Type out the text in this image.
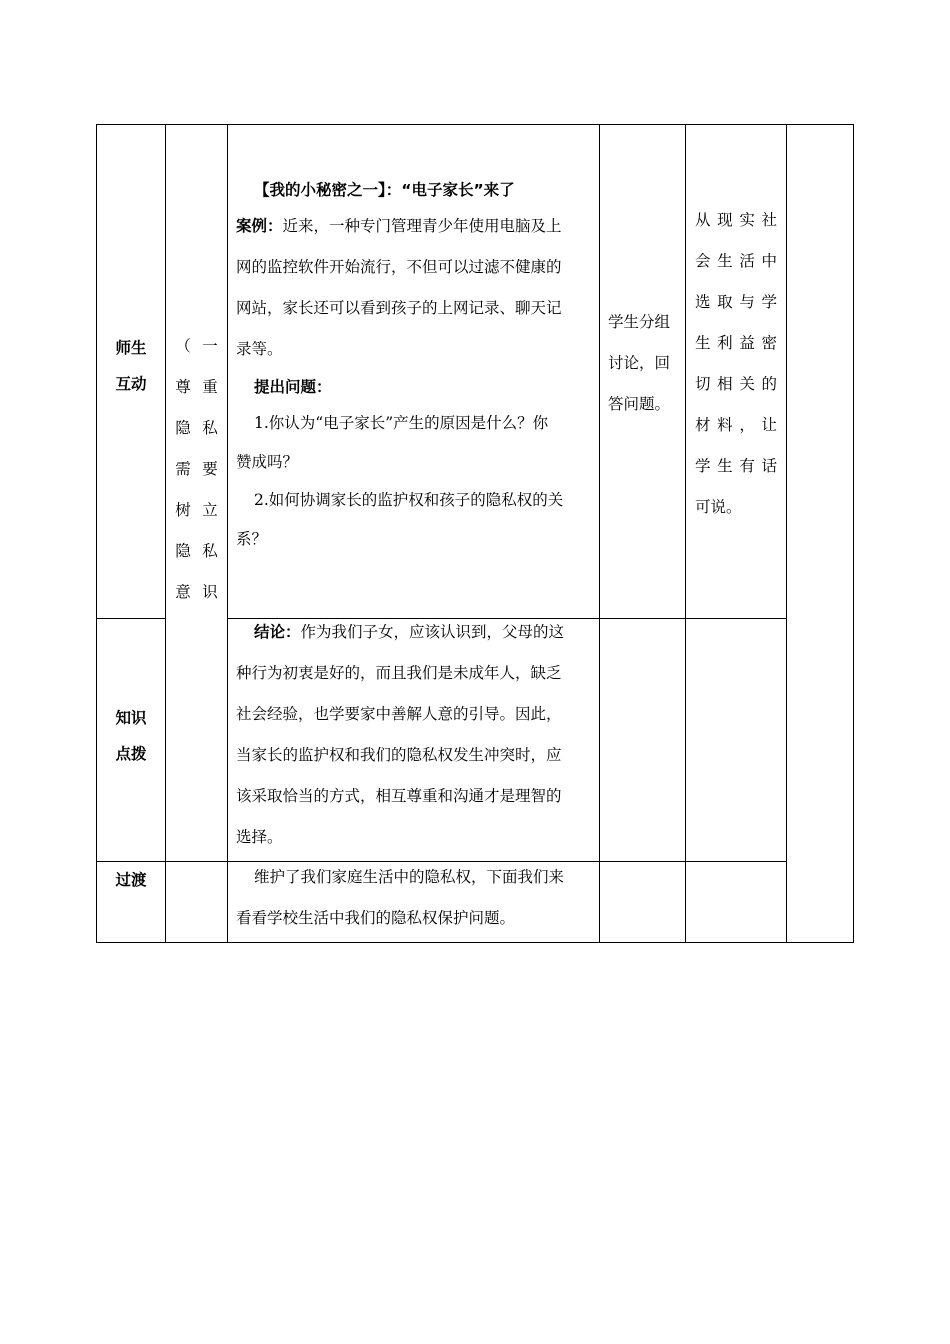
师生
互动
知识
点拨
过渡
（
尊
隐
需
树
隐
意
一
重
私
要
立
私
识
【我的小秘密之一】：“电子家长”来了
案例：近来，一种专门管理青少年使用电脑及上
网的监控软件开始流行，不但可以过滤不健康的
网站，家长还可以看到孩子的上网记录、聊天记
录等。
提出问题：
1.你认为“电子家长”产生的原因是什么？你
赞成吗？
2.如何协调家长的监护权和孩子的隐私权的关
系？
结论：作为我们子女，应该认识到，父母的这
种行为初衷是好的，而且我们是未成年人，缺乏
社会经验，也学要家中善解人意的引导。因此，
当家长的监护权和我们的隐私权发生冲突时，应
该采取恰当的方式，相互尊重和沟通才是理智的
选择。
维护了我们家庭生活中的隐私权，下面我们来
看看学校生活中我们的隐私权保护问题。
学生分组
讨论，回
答问题。
从 现 实 社
会 生 活 中
选 取 与 学
生 利 益 密
切 相 关 的
材 料 ， 让
学 生 有 话
可说。
